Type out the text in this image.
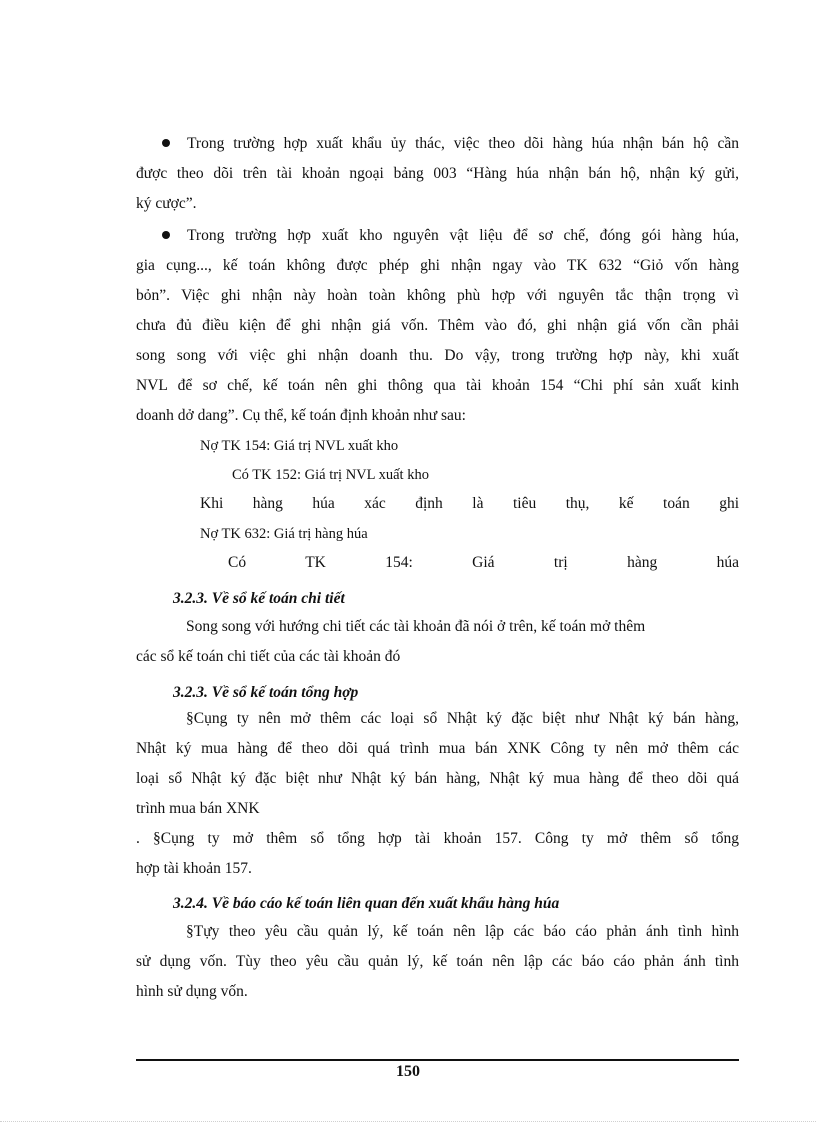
Trong trường hợp xuất khẩu ủy thác, việc theo dõi hàng húa nhận bán hộ cần
được theo dõi trên tài khoản ngoại bảng 003 “Hàng húa nhận bán hộ, nhận ký gửi,
ký cược”.
Trong trường hợp xuất kho nguyên vật liệu để sơ chế, đóng gói hàng húa,
gia cụng..., kế toán không được phép ghi nhận ngay vào TK 632 “Giỏ vốn hàng
bỏn”. Việc ghi nhận này hoàn toàn không phù hợp với nguyên tắc thận trọng vì
chưa đủ điều kiện để ghi nhận giá vốn. Thêm vào đó, ghi nhận giá vốn cần phải
song song với việc ghi nhận doanh thu. Do vậy, trong trường hợp này, khi xuất
NVL để sơ chế, kế toán nên ghi thông qua tài khoản 154 “Chi phí sản xuất kinh
doanh dở dang”. Cụ thể, kế toán định khoản như sau:
Nợ TK 154: Giá trị NVL xuất kho
Có TK 152: Giá trị NVL xuất kho
Khi hàng húa xác định là tiêu thụ, kế toán ghi
Nợ TK 632: Giá trị hàng húa
Có TK 154: Giá trị hàng húa
3.2.3. Về sổ kế toán chi tiết
Song song với hướng chi tiết các tài khoản đã nói ở trên, kế toán mở thêm
các sổ kế toán chi tiết của các tài khoản đó
3.2.3. Về sổ kế toán tổng hợp
§Cụng ty nên mở thêm các loại sổ Nhật ký đặc biệt như Nhật ký bán hàng,
Nhật ký mua hàng để theo dõi quá trình mua bán XNK Công ty nên mở thêm các
loại sổ Nhật ký đặc biệt như Nhật ký bán hàng, Nhật ký mua hàng để theo dõi quá
trình mua bán XNK
. §Cụng ty mở thêm sổ tổng hợp tài khoản 157. Công ty mở thêm sổ tổng
hợp tài khoản 157.
3.2.4. Về báo cáo kế toán liên quan đến xuất khẩu hàng húa
§Tựy theo yêu cầu quản lý, kế toán nên lập các báo cáo phản ánh tình hình
sử dụng vốn. Tùy theo yêu cầu quản lý, kế toán nên lập các báo cáo phản ánh tình
hình sử dụng vốn.
150
